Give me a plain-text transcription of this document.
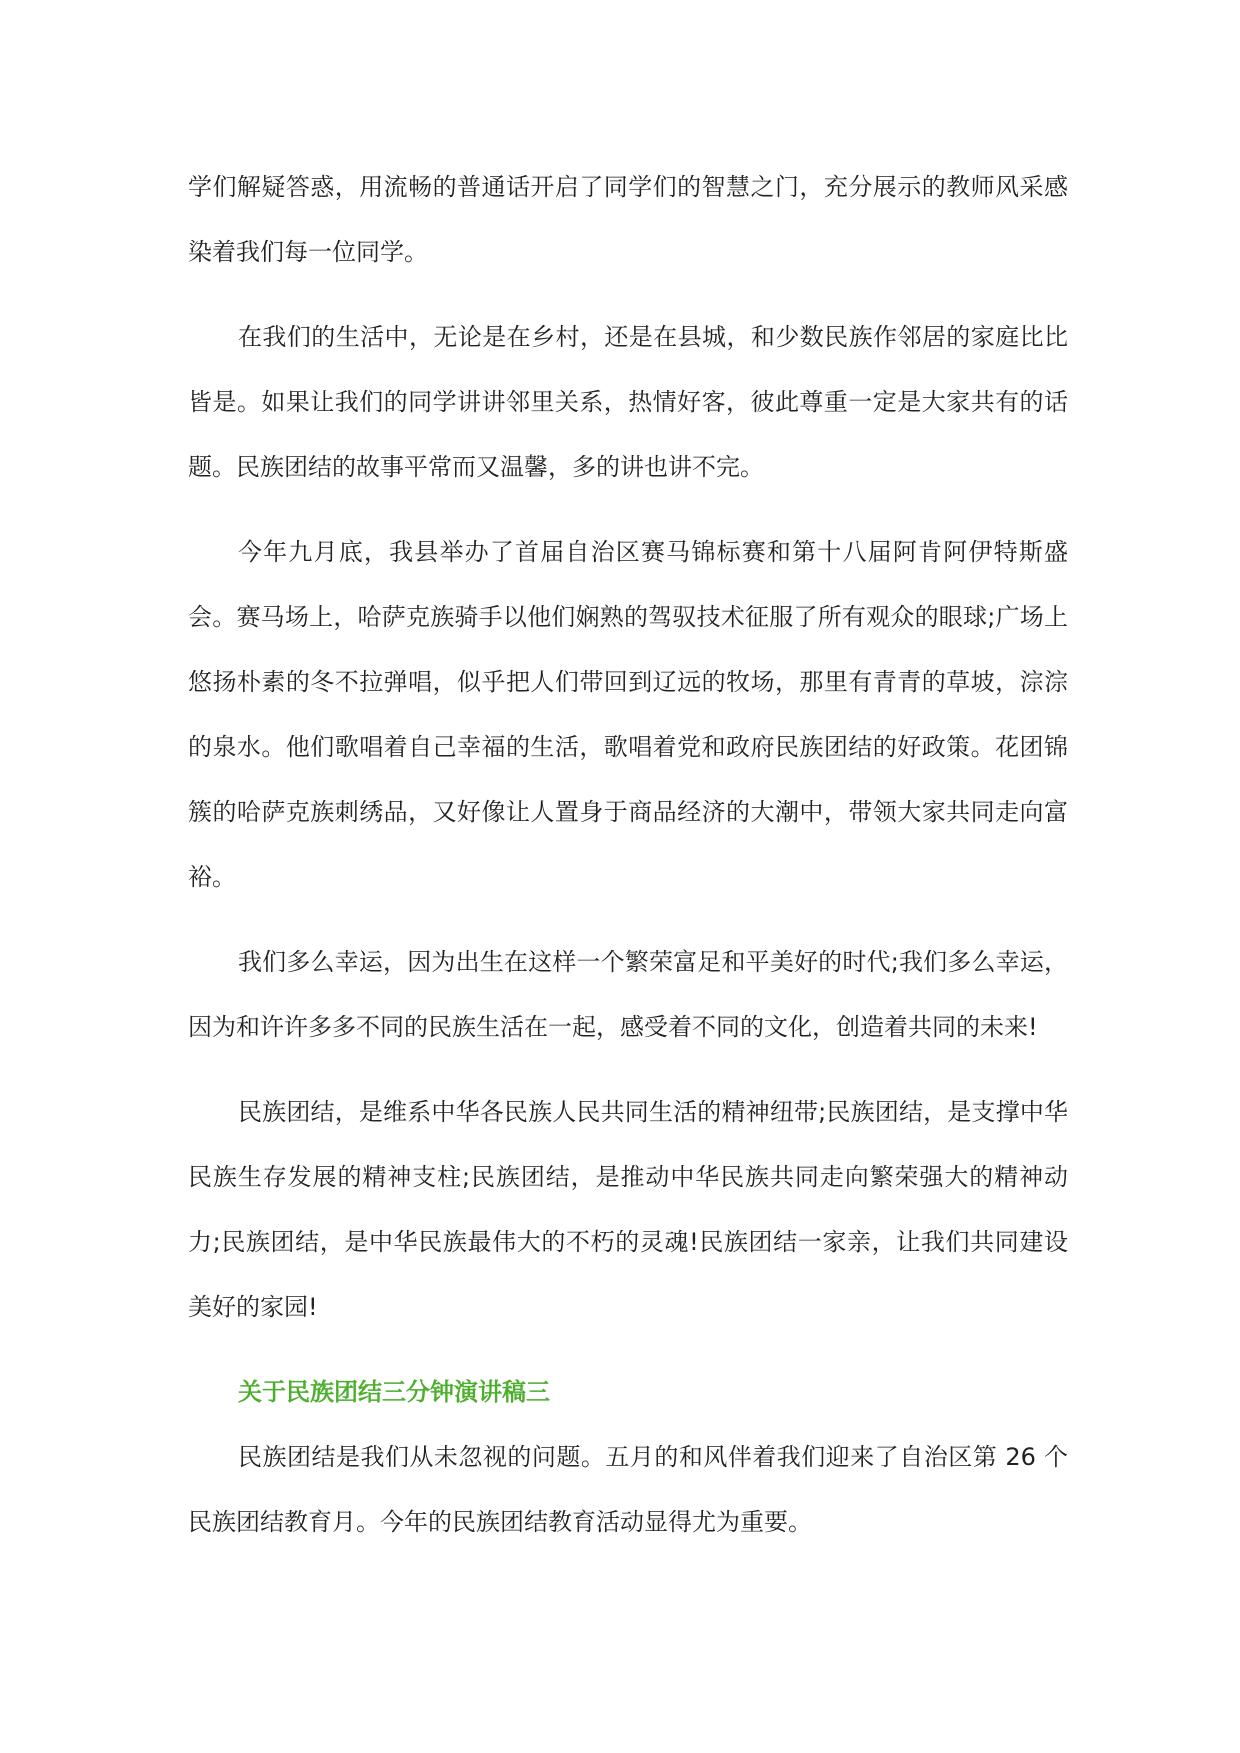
学们解疑答惑，用流畅的普通话开启了同学们的智慧之门，充分展示的教师风采感染着我们每一位同学。

在我们的生活中，无论是在乡村，还是在县城，和少数民族作邻居的家庭比比皆是。如果让我们的同学讲讲邻里关系，热情好客，彼此尊重一定是大家共有的话题。民族团结的故事平常而又温馨，多的讲也讲不完。

今年九月底，我县举办了首届自治区赛马锦标赛和第十八届阿肯阿伊特斯盛会。赛马场上，哈萨克族骑手以他们娴熟的驾驭技术征服了所有观众的眼球;广场上悠扬朴素的冬不拉弹唱，似乎把人们带回到辽远的牧场，那里有青青的草坡，淙淙的泉水。他们歌唱着自己幸福的生活，歌唱着党和政府民族团结的好政策。花团锦簇的哈萨克族刺绣品，又好像让人置身于商品经济的大潮中，带领大家共同走向富裕。

我们多么幸运，因为出生在这样一个繁荣富足和平美好的时代;我们多么幸运，因为和许许多多不同的民族生活在一起，感受着不同的文化，创造着共同的未来!

民族团结，是维系中华各民族人民共同生活的精神纽带;民族团结，是支撑中华民族生存发展的精神支柱;民族团结，是推动中华民族共同走向繁荣强大的精神动力;民族团结，是中华民族最伟大的不朽的灵魂!民族团结一家亲，让我们共同建设美好的家园!

关于民族团结三分钟演讲稿三

民族团结是我们从未忽视的问题。五月的和风伴着我们迎来了自治区第 26 个民族团结教育月。今年的民族团结教育活动显得尤为重要。
